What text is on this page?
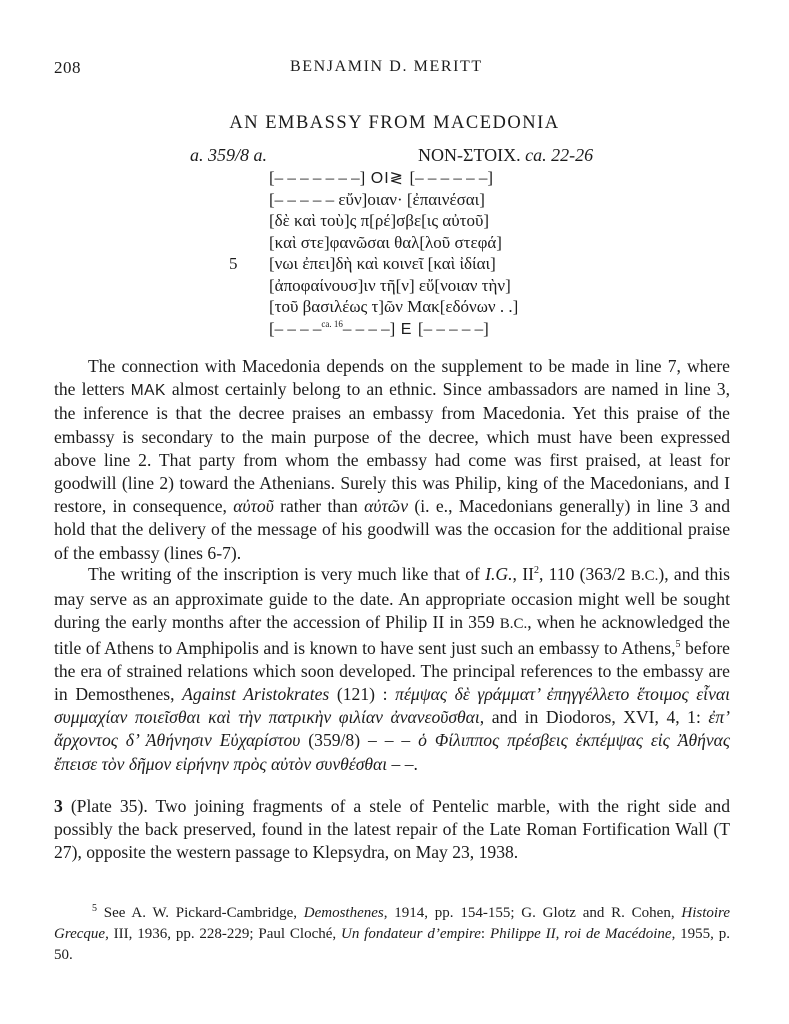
208	BENJAMIN D. MERITT
AN EMBASSY FROM MACEDONIA
a. 359/8 a.	NON-ΣTOIX. ca. 22-26
[– – – – – – –] ΟΙ≷ [– – – – – –]
[– – – – – εὔν]οιαν· [ἐπαινέσαι]
[δὲ καὶ τοὺ]ς π[ρέ]σβε[ις αὐτοῦ]
[καὶ στε]φανῶσαι θαλ[λοῦ στεφά]
5 [νωι ἐπει]δὴ καὶ κοινεῖ [καὶ ἰδίαι]
[ἀποφαίνουσ]ιν τῆ[ν] εὔ[νοιαν τὴν]
[τοῦ βασιλέως τ]ῶν Μακ[εδόνων . .]
[– – – –$^{ca. 16}$– – – –] Ε [– – – – –]

The connection with Macedonia depends on the supplement to be made in line 7, where the letters MAK almost certainly belong to an ethnic. Since ambassadors are named in line 3, the inference is that the decree praises an embassy from Macedonia. Yet this praise of the embassy is secondary to the main purpose of the decree, which must have been expressed above line 2. That party from whom the embassy had come was first praised, at least for goodwill (line 2) toward the Athenians. Surely this was Philip, king of the Macedonians, and I restore, in consequence, αὐτοῦ rather than αὐτῶν (i. e., Macedonians generally) in line 3 and hold that the delivery of the message of his goodwill was the occasion for the additional praise of the embassy (lines 6-7).

The writing of the inscription is very much like that of I.G., $II^2$, 110 (363/2 B.C.), and this may serve as an approximate guide to the date. An appropriate occasion might well be sought during the early months after the accession of Philip II in 359 B.C., when he acknowledged the title of Athens to Amphipolis and is known to have sent just such an embassy to Athens,$^5$ before the era of strained relations which soon developed. The principal references to the embassy are in Demosthenes, Against Aristokrates (121) : πέμψας δὲ γράμματ’ ἐπηγγέλλετο ἕτοιμος εἶναι συμμαχίαν ποιεῖσθαι καὶ τὴν πατρικὴν φιλίαν ἀνανεοῦσθαι, and in Diodoros, XVI, 4, 1: ἐπ’ ἄρχοντος δ’ Ἀθήνησιν Εὐχαρίστου (359/8) – – – ὁ Φίλιππος πρέσβεις ἐκπέμψας εἰς Ἀθήνας ἔπεισε τὸν δῆμον εἰρήνην πρὸς αὐτὸν συνθέσθαι – –.

3 (Plate 35). Two joining fragments of a stele of Pentelic marble, with the right side and possibly the back preserved, found in the latest repair of the Late Roman Fortification Wall (T 27), opposite the western passage to Klepsydra, on May 23, 1938.

$^5$ See A. W. Pickard-Cambridge, Demosthenes, 1914, pp. 154-155; G. Glotz and R. Cohen, Histoire Grecque, III, 1936, pp. 228-229; Paul Cloché, Un fondateur d’empire: Philippe II, roi de Macédoine, 1955, p. 50.
